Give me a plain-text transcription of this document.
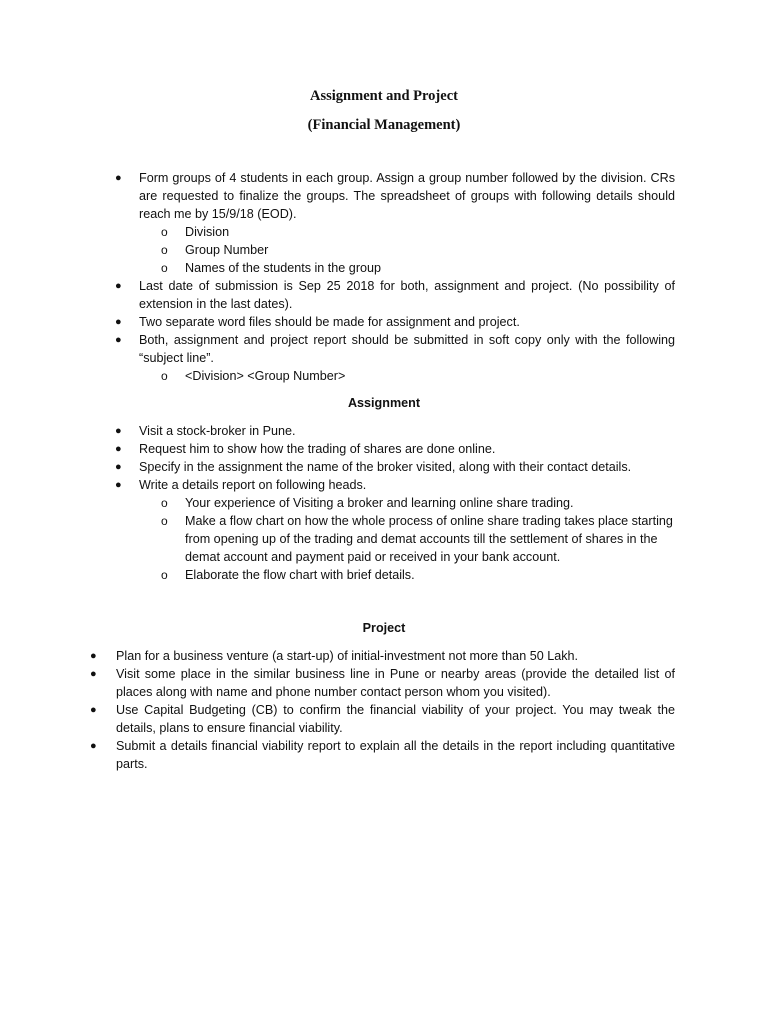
Assignment and Project
(Financial Management)
● Form groups of 4 students in each group. Assign a group number followed by the division. CRs are requested to finalize the groups. The spreadsheet of groups with following details should reach me by 15/9/18 (EOD).
o Division
o Group Number
o Names of the students in the group
● Last date of submission is Sep 25 2018 for both, assignment and project. (No possibility of extension in the last dates).
● Two separate word files should be made for assignment and project.
● Both, assignment and project report should be submitted in soft copy only with the following “subject line”.
o <Division> <Group Number>
Assignment
● Visit a stock-broker in Pune.
● Request him to show how the trading of shares are done online.
● Specify in the assignment the name of the broker visited, along with their contact details.
● Write a details report on following heads.
o Your experience of Visiting a broker and learning online share trading.
o Make a flow chart on how the whole process of online share trading takes place starting from opening up of the trading and demat accounts till the settlement of shares in the demat account and payment paid or received in your bank account.
o Elaborate the flow chart with brief details.
Project
● Plan for a business venture (a start-up) of initial-investment not more than 50 Lakh.
● Visit some place in the similar business line in Pune or nearby areas (provide the detailed list of places along with name and phone number contact person whom you visited).
● Use Capital Budgeting (CB) to confirm the financial viability of your project. You may tweak the details, plans to ensure financial viability.
● Submit a details financial viability report to explain all the details in the report including quantitative parts.
